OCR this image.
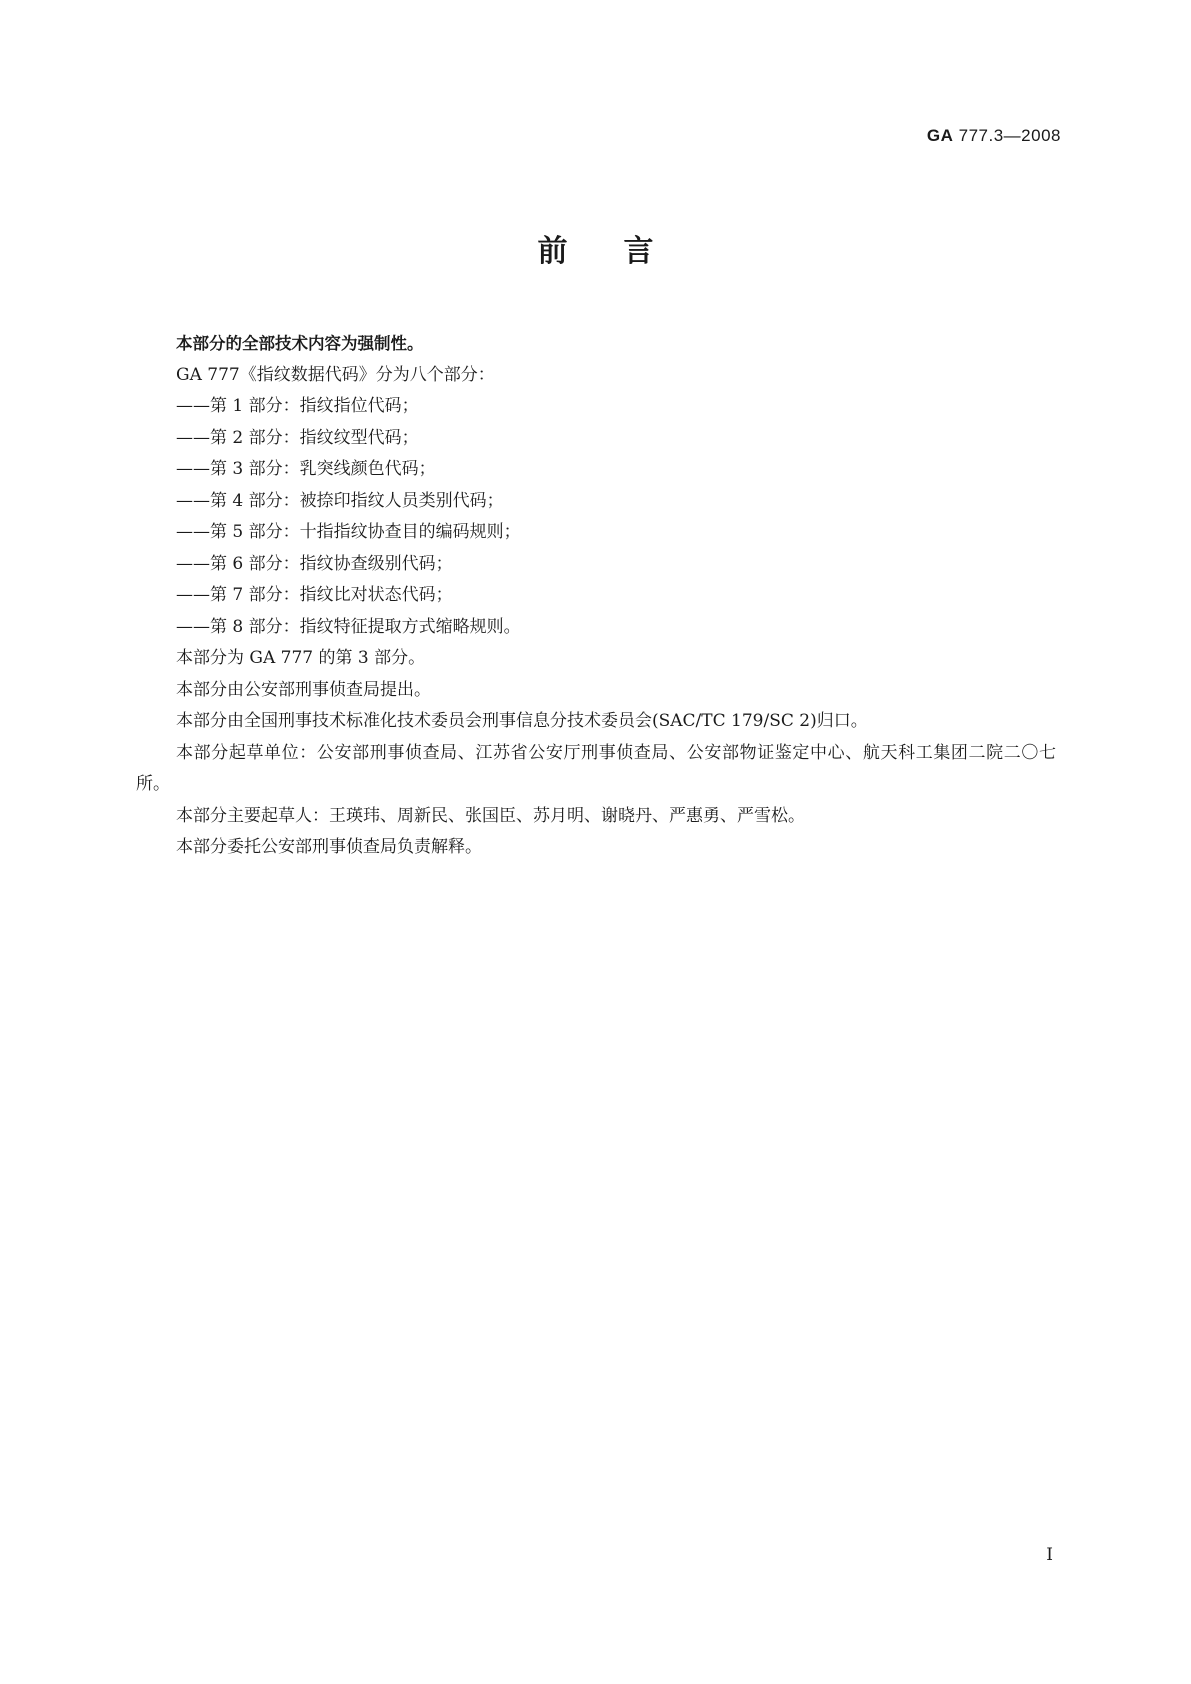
GA 777.3—2008
前言

本部分的全部技术内容为强制性。

GA 777《指纹数据代码》分为八个部分：

——第 1 部分：指纹指位代码；

——第 2 部分：指纹纹型代码；

——第 3 部分：乳突线颜色代码；

——第 4 部分：被捺印指纹人员类别代码；

——第 5 部分：十指指纹协查目的编码规则；

——第 6 部分：指纹协查级别代码；

——第 7 部分：指纹比对状态代码；

——第 8 部分：指纹特征提取方式缩略规则。

本部分为 GA 777 的第 3 部分。

本部分由公安部刑事侦查局提出。

本部分由全国刑事技术标准化技术委员会刑事信息分技术委员会(SAC/TC 179/SC 2)归口。

本部分起草单位：公安部刑事侦查局、江苏省公安厅刑事侦查局、公安部物证鉴定中心、航天科工集团二院二〇七所。

本部分主要起草人：王瑛玮、周新民、张国臣、苏月明、谢晓丹、严惠勇、严雪松。

本部分委托公安部刑事侦查局负责解释。

I
